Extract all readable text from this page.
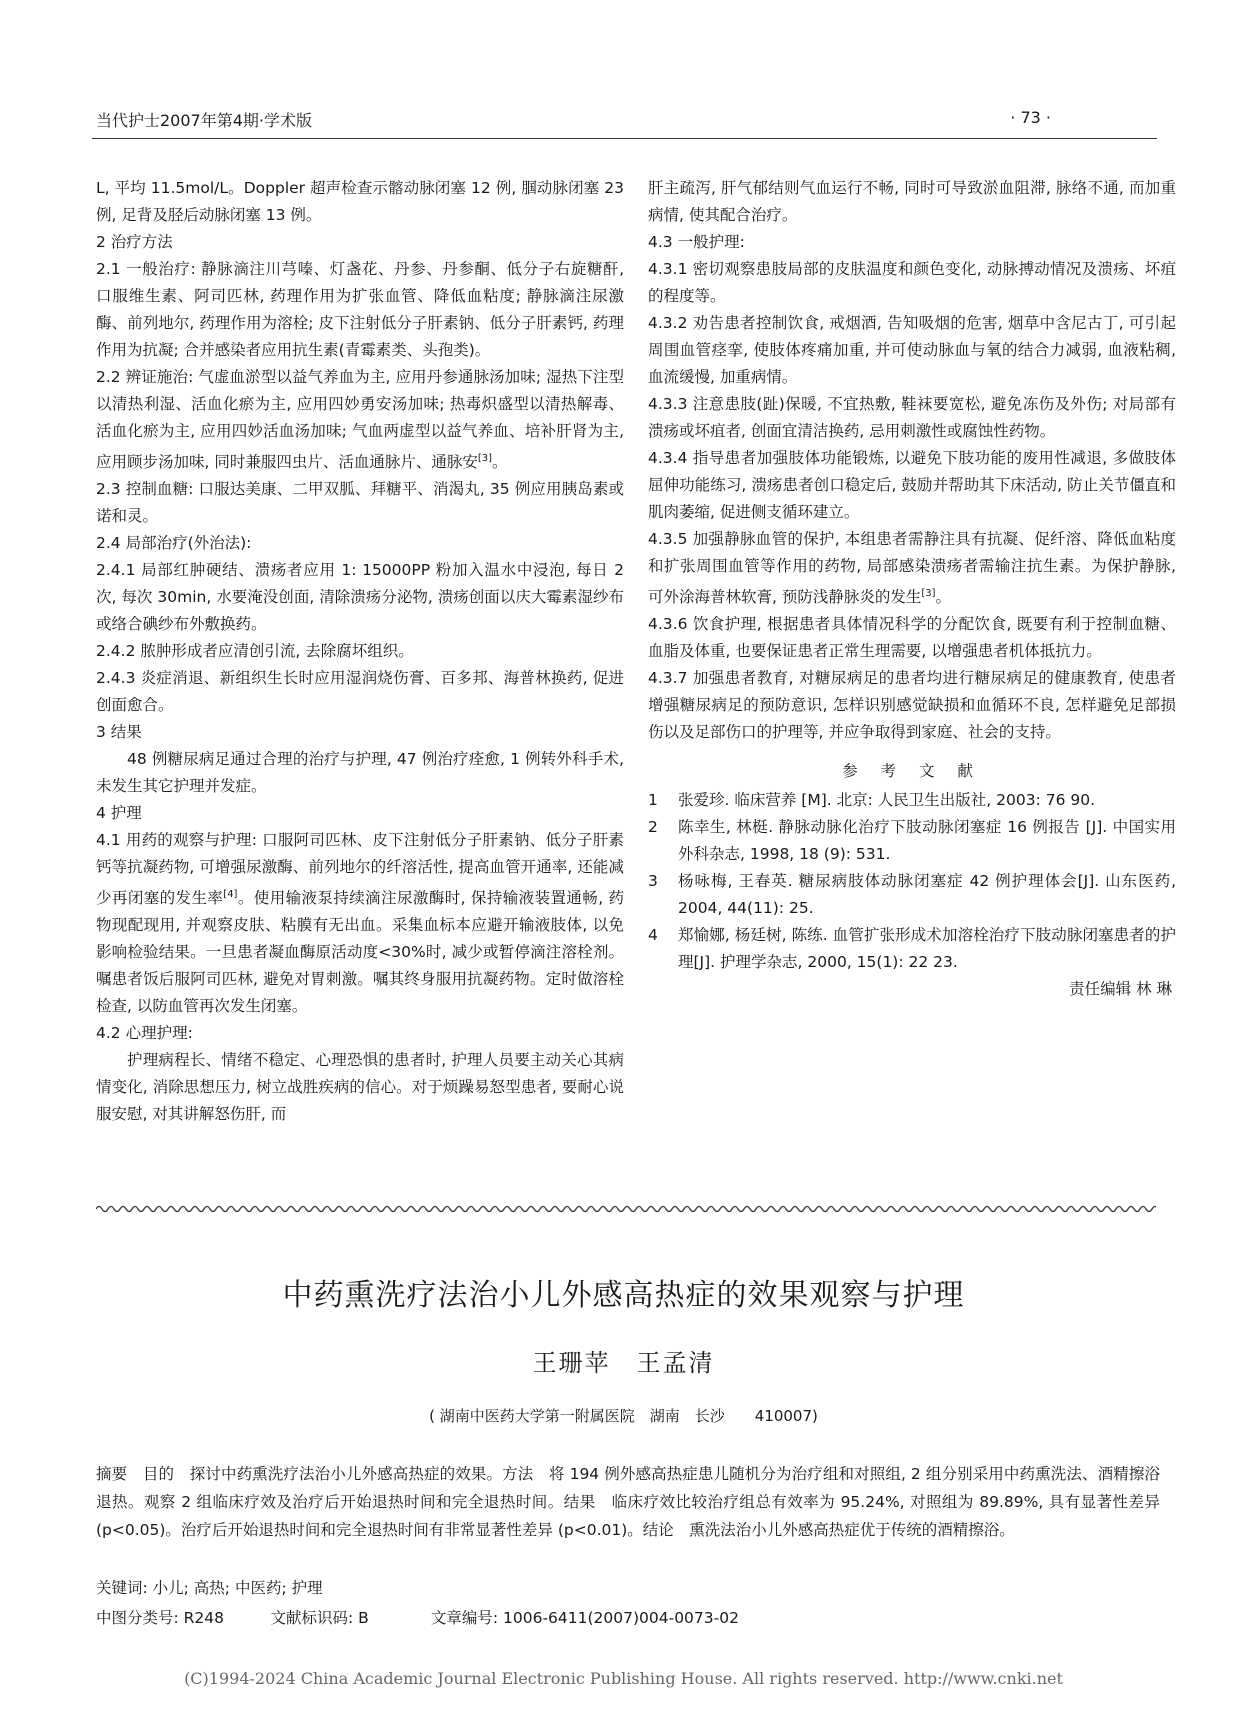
当代护士2007年第4期·学术版	· 73 ·

L, 平均 11.5mol/L。Doppler 超声检查示髂动脉闭塞 12 例, 腘动脉闭塞 23 例, 足背及胫后动脉闭塞 13 例。

2 治疗方法

2.1 一般治疗: 静脉滴注川芎嗪、灯盏花、丹参、丹参酮、低分子右旋糖酐, 口服维生素、阿司匹林, 药理作用为扩张血管、降低血粘度; 静脉滴注尿激酶、前列地尔, 药理作用为溶栓; 皮下注射低分子肝素钠、低分子肝素钙, 药理作用为抗凝; 合并感染者应用抗生素(青霉素类、头孢类)。

2.2 辨证施治: 气虚血淤型以益气养血为主, 应用丹参通脉汤加味; 湿热下注型以清热利湿、活血化瘀为主, 应用四妙勇安汤加味; 热毒炽盛型以清热解毒、活血化瘀为主, 应用四妙活血汤加味; 气血两虚型以益气养血、培补肝肾为主, 应用顾步汤加味, 同时兼服四虫片、活血通脉片、通脉安[3]。

2.3 控制血糖: 口服达美康、二甲双胍、拜糖平、消渴丸, 35 例应用胰岛素或诺和灵。

2.4 局部治疗(外治法):

2.4.1 局部红肿硬结、溃疡者应用 1: 15000PP 粉加入温水中浸泡, 每日 2 次, 每次 30min, 水要淹没创面, 清除溃疡分泌物, 溃疡创面以庆大霉素湿纱布或络合碘纱布外敷换药。

2.4.2 脓肿形成者应清创引流, 去除腐坏组织。

2.4.3 炎症消退、新组织生长时应用湿润烧伤膏、百多邦、海普林换药, 促进创面愈合。

3 结果

48 例糖尿病足通过合理的治疗与护理, 47 例治疗痊愈, 1 例转外科手术, 未发生其它护理并发症。

4 护理

4.1 用药的观察与护理: 口服阿司匹林、皮下注射低分子肝素钠、低分子肝素钙等抗凝药物, 可增强尿激酶、前列地尔的纤溶活性, 提高血管开通率, 还能减少再闭塞的发生率[4]。使用输液泵持续滴注尿激酶时, 保持输液装置通畅, 药物现配现用, 并观察皮肤、粘膜有无出血。采集血标本应避开输液肢体, 以免影响检验结果。一旦患者凝血酶原活动度<30%时, 减少或暂停滴注溶栓剂。嘱患者饭后服阿司匹林, 避免对胃刺激。嘱其终身服用抗凝药物。定时做溶栓检查, 以防血管再次发生闭塞。

4.2 心理护理:

护理病程长、情绪不稳定、心理恐惧的患者时, 护理人员要主动关心其病情变化, 消除思想压力, 树立战胜疾病的信心。对于烦躁易怒型患者, 要耐心说服安慰, 对其讲解怒伤肝, 而

肝主疏泻, 肝气郁结则气血运行不畅, 同时可导致淤血阻滞, 脉络不通, 而加重病情, 使其配合治疗。

4.3 一般护理:

4.3.1 密切观察患肢局部的皮肤温度和颜色变化, 动脉搏动情况及溃疡、坏疽的程度等。

4.3.2 劝告患者控制饮食, 戒烟酒, 告知吸烟的危害, 烟草中含尼古丁, 可引起周围血管痉挛, 使肢体疼痛加重, 并可使动脉血与氧的结合力减弱, 血液粘稠, 血流缓慢, 加重病情。

4.3.3 注意患肢(趾)保暖, 不宜热敷, 鞋袜要宽松, 避免冻伤及外伤; 对局部有溃疡或坏疽者, 创面宜清洁换药, 忌用刺激性或腐蚀性药物。

4.3.4 指导患者加强肢体功能锻炼, 以避免下肢功能的废用性减退, 多做肢体屈伸功能练习, 溃疡患者创口稳定后, 鼓励并帮助其下床活动, 防止关节僵直和肌肉萎缩, 促进侧支循环建立。

4.3.5 加强静脉血管的保护, 本组患者需静注具有抗凝、促纤溶、降低血粘度和扩张周围血管等作用的药物, 局部感染溃疡者需输注抗生素。为保护静脉, 可外涂海普林软膏, 预防浅静脉炎的发生[3]。

4.3.6 饮食护理, 根据患者具体情况科学的分配饮食, 既要有利于控制血糖、血脂及体重, 也要保证患者正常生理需要, 以增强患者机体抵抗力。

4.3.7 加强患者教育, 对糖尿病足的患者均进行糖尿病足的健康教育, 使患者增强糖尿病足的预防意识, 怎样识别感觉缺损和血循环不良, 怎样避免足部损伤以及足部伤口的护理等, 并应争取得到家庭、社会的支持。

参 考 文 献
1	张爱珍. 临床营养 [M]. 北京: 人民卫生出版社, 2003: 76 90.
2	陈幸生, 林梃. 静脉动脉化治疗下肢动脉闭塞症 16 例报告 [J]. 中国实用外科杂志, 1998, 18 (9): 531.
3	杨咏梅, 王春英. 糖尿病肢体动脉闭塞症 42 例护理体会[J]. 山东医药, 2004, 44(11): 25.
4	郑愉娜, 杨廷树, 陈练. 血管扩张形成术加溶栓治疗下肢动脉闭塞患者的护理[J]. 护理学杂志, 2000, 15(1): 22 23.
责任编辑 林 琳
中药熏洗疗法治小儿外感高热症的效果观察与护理
王珊苹　王孟清
( 湖南中医药大学第一附属医院　湖南　长沙　　410007)

摘要　目的　探讨中药熏洗疗法治小儿外感高热症的效果。方法　将 194 例外感高热症患儿随机分为治疗组和对照组, 2 组分别采用中药熏洗法、酒精擦浴退热。观察 2 组临床疗效及治疗后开始退热时间和完全退热时间。结果　临床疗效比较治疗组总有效率为 95.24%, 对照组为 89.89%, 具有显著性差异 (p<0.05)。治疗后开始退热时间和完全退热时间有非常显著性差异 (p<0.01)。结论　熏洗法治小儿外感高热症优于传统的酒精擦浴。

关键词: 小儿; 高热; 中医药; 护理
中图分类号: R248　　　	文献标识码: B　　　　	文章编号: 1006-6411(2007)004-0073-02
(C)1994-2024 China Academic Journal Electronic Publishing House. All rights reserved. http://www.cnki.net
